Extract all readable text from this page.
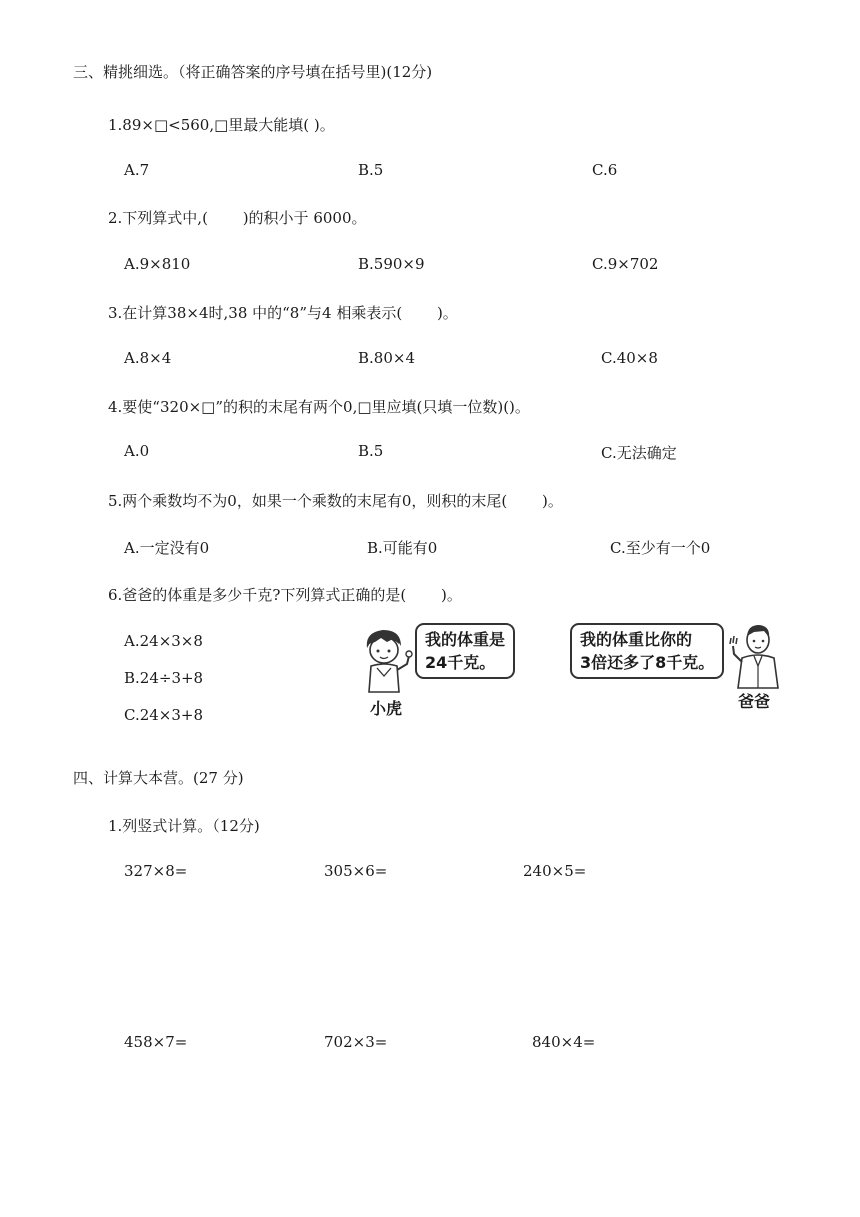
三、精挑细选。（将正确答案的序号填在括号里)(12分)
1.89×□<560,□里最大能填( )。
A.7	B.5	C.6
2.下列算式中,(　　 )的积小于 6000。
A.9×810	B.590×9	C.9×702
3.在计算38×4时,38 中的“8”与4 相乘表示(　　 )。
A.8×4	B.80×4	C.40×8
4.要使“320×□”的积的末尾有两个0,□里应填(只填一位数)()。
A.0	B.5	C.无法确定
5.两个乘数均不为0，如果一个乘数的末尾有0，则积的末尾(　　 )。
A.一定没有0	B.可能有0	C.至少有一个0
6.爸爸的体重是多少千克?下列算式正确的是(　　 )。
A.24×3×8
B.24÷3+8
C.24×3+8
我的体重是
24千克。
小虎
我的体重比你的
3倍还多了8千克。
爸爸
四、计算大本营。(27 分)
1.列竖式计算。（12分)
327×8=	305×6=	240×5=
458×7=	702×3=	840×4=
